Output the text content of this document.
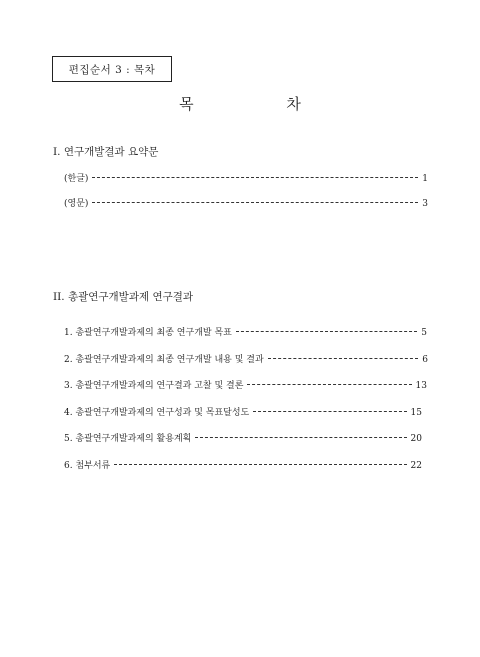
편집순서 3 : 목차
목 차
I. 연구개발결과 요약문
(한글)	1
(영문)	3
II. 총괄연구개발과제 연구결과
1. 총괄연구개발과제의 최종 연구개발 목표	5
2. 총괄연구개발과제의 최종 연구개발 내용 및 결과	6
3. 총괄연구개발과제의 연구결과 고찰 및 결론	13
4. 총괄연구개발과제의 연구성과 및 목표달성도	15
5. 총괄연구개발과제의 활용계획	20
6. 첨부서류	22
